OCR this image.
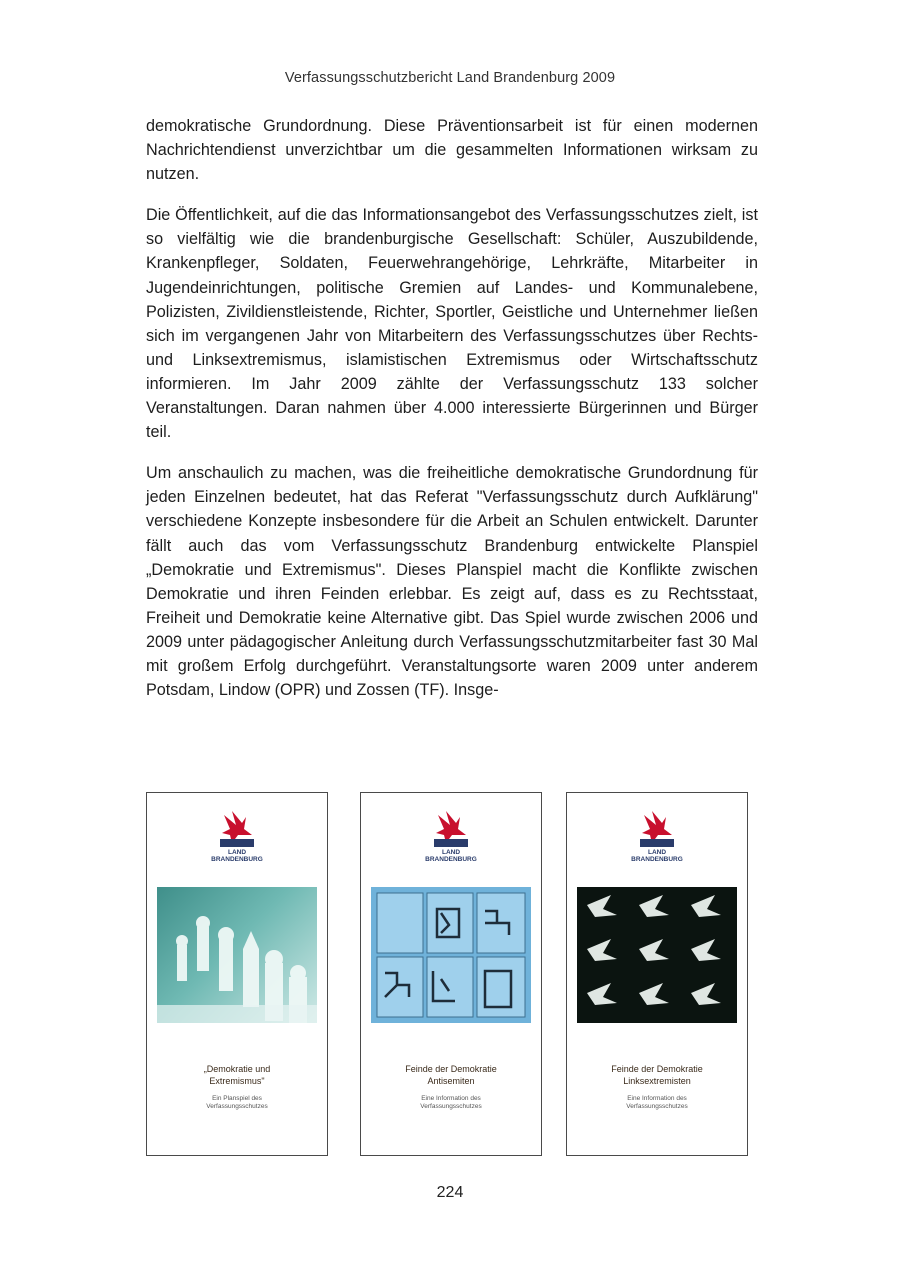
Verfassungsschutzbericht Land Brandenburg 2009

demokratische Grundordnung. Diese Präventionsarbeit ist für einen modernen Nachrichtendienst unverzichtbar um die gesammelten Informationen wirksam zu nutzen.

Die Öffentlichkeit, auf die das Informationsangebot des Verfassungsschutzes zielt, ist so vielfältig wie die brandenburgische Gesellschaft: Schüler, Auszubildende, Krankenpfleger, Soldaten, Feuerwehrangehörige, Lehrkräfte, Mitarbeiter in Jugendeinrichtungen, politische Gremien auf Landes- und Kommunalebene, Polizisten, Zivildienstleistende, Richter, Sportler, Geistliche und Unternehmer ließen sich im vergangenen Jahr von Mitarbeitern des Verfassungsschutzes über Rechts- und Linksextremismus, islamistischen Extremismus oder Wirtschaftsschutz informieren. Im Jahr 2009 zählte der Verfassungsschutz 133 solcher Veranstaltungen. Daran nahmen über 4.000 interessierte Bürgerinnen und Bürger teil.

Um anschaulich zu machen, was die freiheitliche demokratische Grundordnung für jeden Einzelnen bedeutet, hat das Referat "Verfassungsschutz durch Aufklärung" verschiedene Konzepte insbesondere für die Arbeit an Schulen entwickelt. Darunter fällt auch das vom Verfassungsschutz Brandenburg entwickelte Planspiel „Demokratie und Extremismus". Dieses Planspiel macht die Konflikte zwischen Demokratie und ihren Feinden erlebbar. Es zeigt auf, dass es zu Rechtsstaat, Freiheit und Demokratie keine Alternative gibt. Das Spiel wurde zwischen 2006 und 2009 unter pädagogischer Anleitung durch Verfassungsschutzmitarbeiter fast 30 Mal mit großem Erfolg durchgeführt. Veranstaltungsorte waren 2009 unter anderem Potsdam, Lindow (OPR) und Zossen (TF). Insge-

LAND BRANDENBURG
„Demokratie und
Extremismus"
Ein Planspiel des
Verfassungsschutzes
LAND BRANDENBURG
Feinde der Demokratie
Antisemiten
Eine Information des
Verfassungsschutzes
LAND BRANDENBURG
Feinde der Demokratie
Linksextremisten
Eine Information des
Verfassungsschutzes
224
